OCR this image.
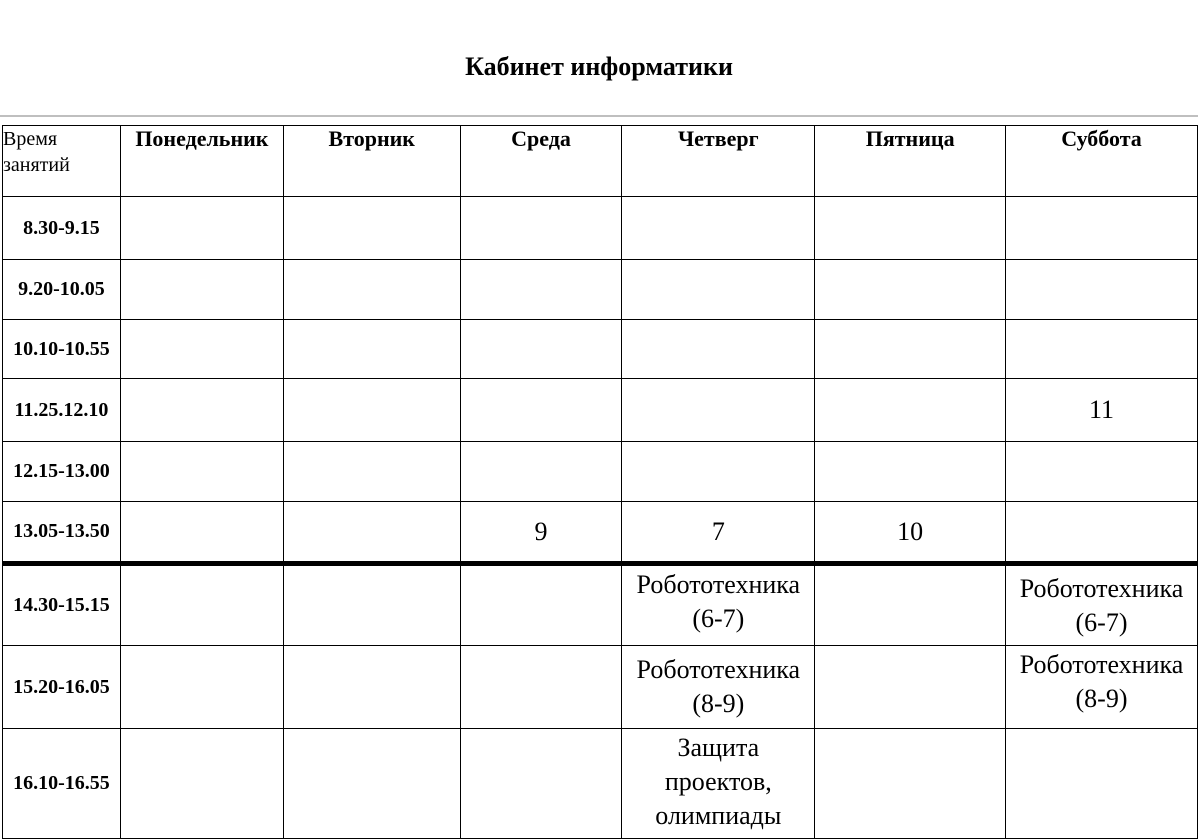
Кабинет информатики
Время занятий	Понедельник	Вторник	Среда	Четверг	Пятница	Суббота
8.30-9.15						
9.20-10.05						
10.10-10.55						
11.25.12.10						11
12.15-13.00						
13.05-13.50			9	7	10	
14.30-15.15				Робототехника (6-7)		Робототехника (6-7)
15.20-16.05				Робототехника (8-9)		Робототехника (8-9)
16.10-16.55				Защита проектов, олимпиады		
